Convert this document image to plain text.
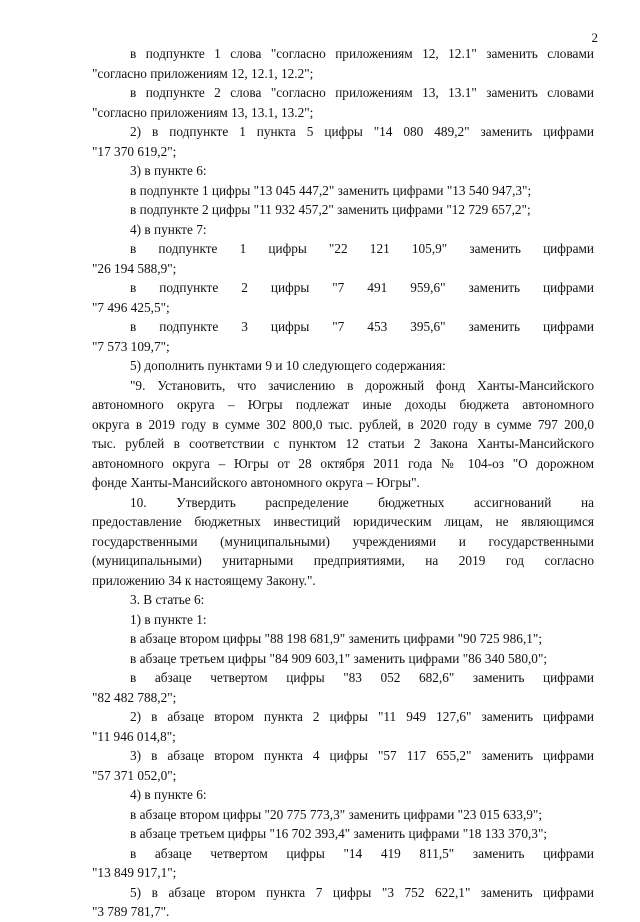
2

в подпункте 1 слова "согласно приложениям 12, 12.1" заменить словами

"согласно приложениям 12, 12.1, 12.2";

в подпункте 2 слова "согласно приложениям 13, 13.1" заменить словами

"согласно приложениям 13, 13.1, 13.2";

2) в подпункте 1 пункта 5 цифры "14 080 489,2" заменить цифрами

"17 370 619,2";

3) в пункте 6:

в подпункте 1 цифры "13 045 447,2" заменить цифрами "13 540 947,3";

в подпункте 2 цифры "11 932 457,2" заменить цифрами "12 729 657,2";

4) в пункте 7:

в подпункте 1 цифры "22 121 105,9" заменить цифрами

"26 194 588,9";

в подпункте 2 цифры "7 491 959,6" заменить цифрами

"7 496 425,5";

в подпункте 3 цифры "7 453 395,6" заменить цифрами

"7 573 109,7";

5) дополнить пунктами 9 и 10 следующего содержания:

"9. Установить, что зачислению в дорожный фонд Ханты-Мансийского

автономного округа – Югры подлежат иные доходы бюджета автономного

округа в 2019 году в сумме 302 800,0 тыс. рублей, в 2020 году в сумме 797 200,0

тыс. рублей в соответствии с пунктом 12 статьи 2 Закона Ханты-Мансийского

автономного округа – Югры от 28 октября 2011 года № 104-оз "О дорожном

фонде Ханты-Мансийского автономного округа – Югры".

10. Утвердить распределение бюджетных ассигнований на

предоставление бюджетных инвестиций юридическим лицам, не являющимся

государственными (муниципальными) учреждениями и государственными

(муниципальными) унитарными предприятиями, на 2019 год согласно

приложению 34 к настоящему Закону.".

3. В статье 6:

1) в пункте 1:

в абзаце втором цифры "88 198 681,9" заменить цифрами "90 725 986,1";

в абзаце третьем цифры "84 909 603,1" заменить цифрами "86 340 580,0";

в абзаце четвертом цифры "83 052 682,6" заменить цифрами

"82 482 788,2";

2) в абзаце втором пункта 2 цифры "11 949 127,6" заменить цифрами

"11 946 014,8";

3) в абзаце втором пункта 4 цифры "57 117 655,2" заменить цифрами

"57 371 052,0";

4) в пункте 6:

в абзаце втором цифры "20 775 773,3" заменить цифрами "23 015 633,9";

в абзаце третьем цифры "16 702 393,4" заменить цифрами "18 133 370,3";

в абзаце четвертом цифры "14 419 811,5" заменить цифрами

"13 849 917,1";

5) в абзаце втором пункта 7 цифры "3 752 622,1" заменить цифрами

"3 789 781,7".
